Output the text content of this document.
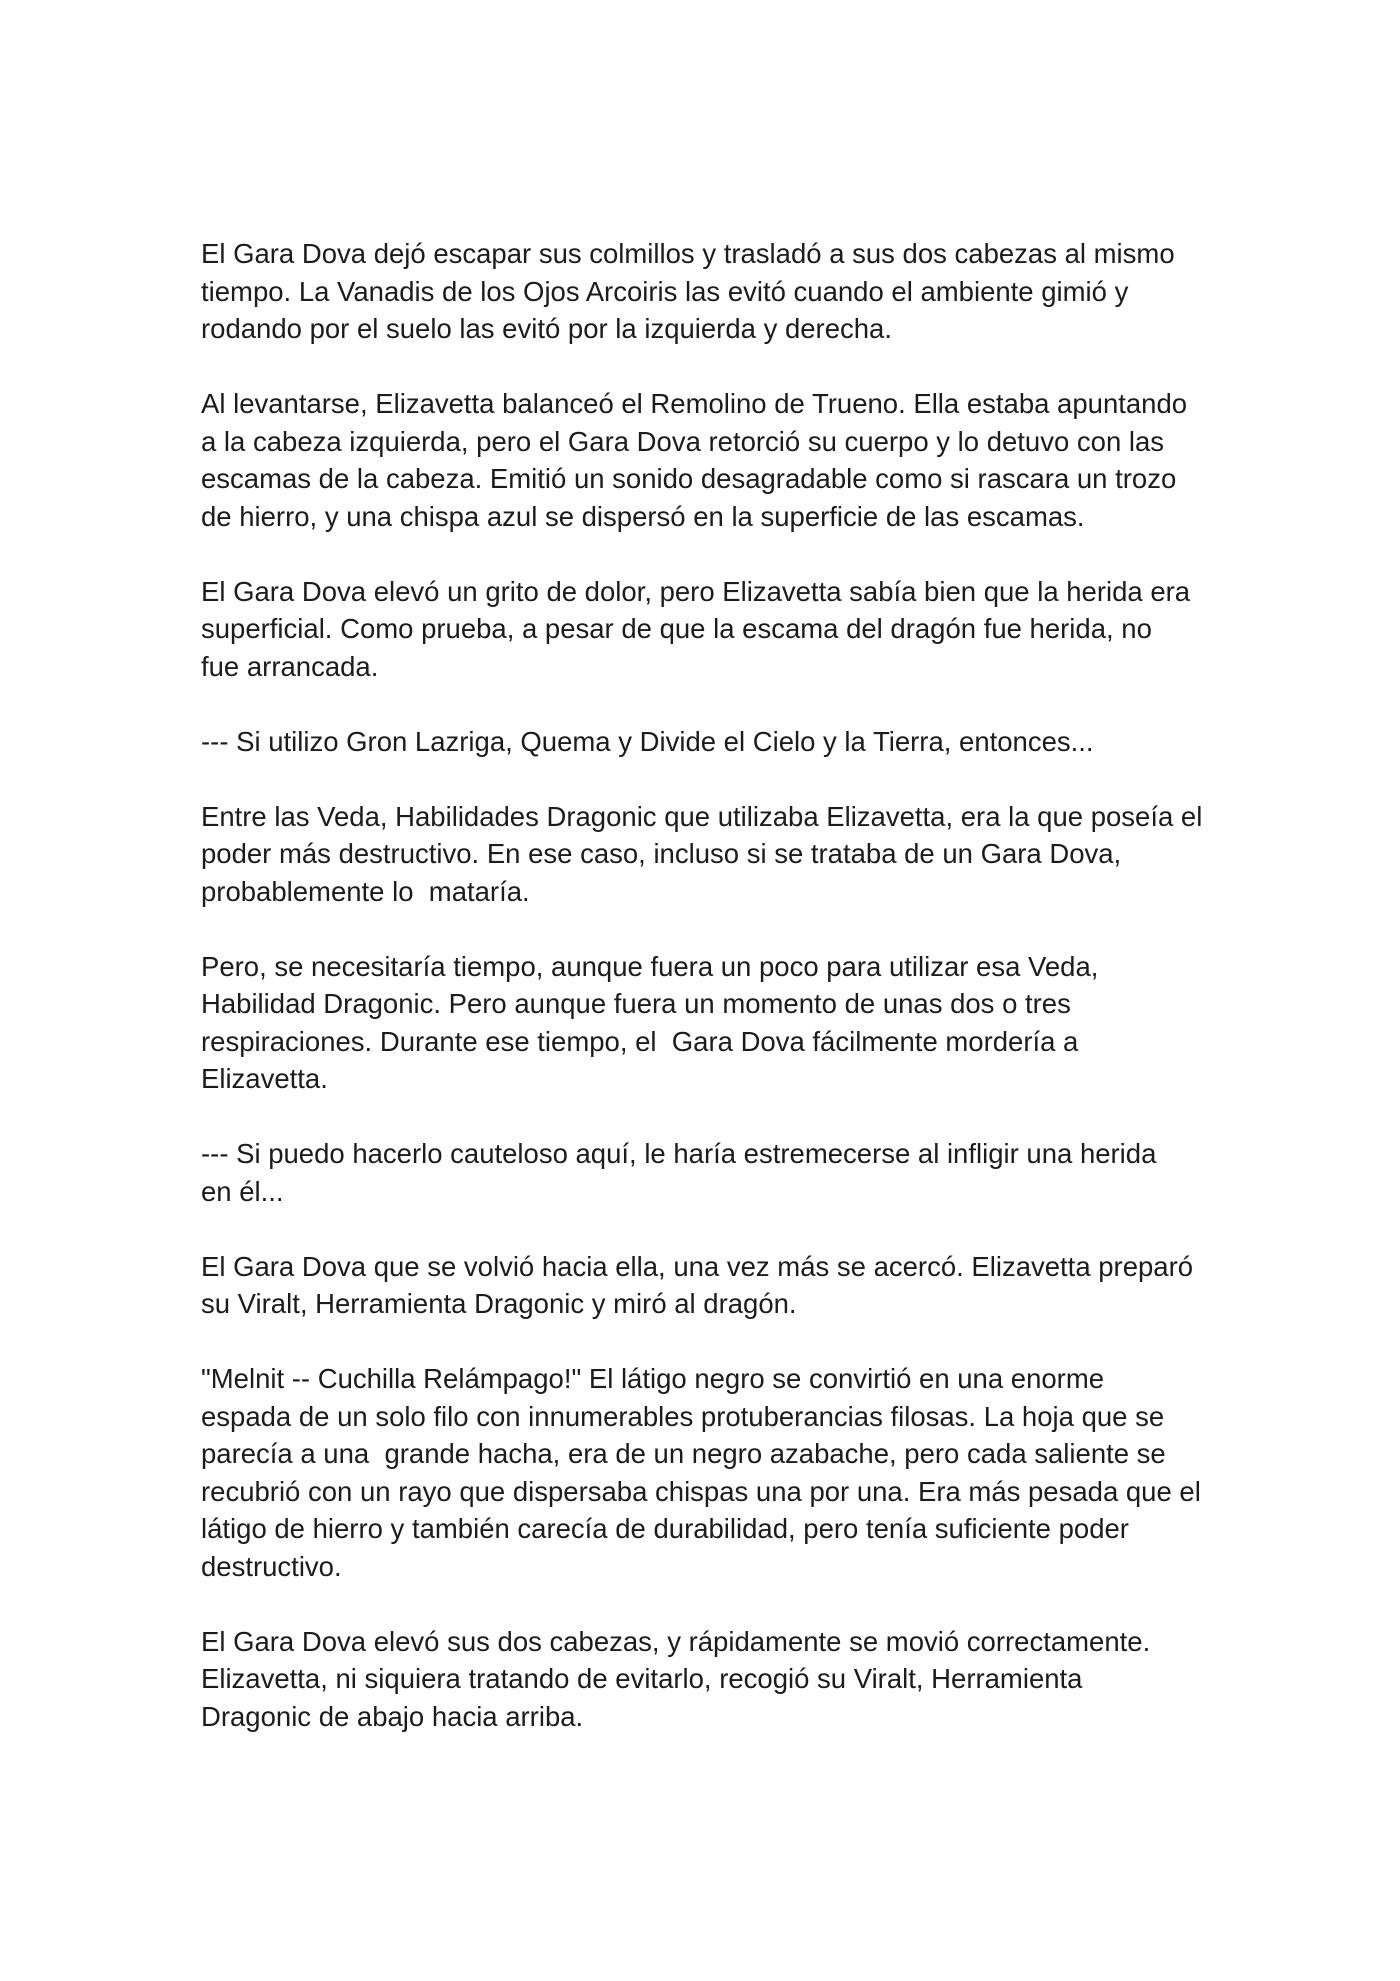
El Gara Dova dejó escapar sus colmillos y trasladó a sus dos cabezas al mismo
tiempo. La Vanadis de los Ojos Arcoiris las evitó cuando el ambiente gimió y
rodando por el suelo las evitó por la izquierda y derecha.

Al levantarse, Elizavetta balanceó el Remolino de Trueno. Ella estaba apuntando
a la cabeza izquierda, pero el Gara Dova retorció su cuerpo y lo detuvo con las
escamas de la cabeza. Emitió un sonido desagradable como si rascara un trozo
de hierro, y una chispa azul se dispersó en la superficie de las escamas.

El Gara Dova elevó un grito de dolor, pero Elizavetta sabía bien que la herida era
superficial. Como prueba, a pesar de que la escama del dragón fue herida, no
fue arrancada.

--- Si utilizo Gron Lazriga, Quema y Divide el Cielo y la Tierra, entonces...

Entre las Veda, Habilidades Dragonic que utilizaba Elizavetta, era la que poseía el
poder más destructivo. En ese caso, incluso si se trataba de un Gara Dova,
probablemente lo  mataría.

Pero, se necesitaría tiempo, aunque fuera un poco para utilizar esa Veda,
Habilidad Dragonic. Pero aunque fuera un momento de unas dos o tres
respiraciones. Durante ese tiempo, el  Gara Dova fácilmente mordería a
Elizavetta.

--- Si puedo hacerlo cauteloso aquí, le haría estremecerse al infligir una herida
en él...

El Gara Dova que se volvió hacia ella, una vez más se acercó. Elizavetta preparó
su Viralt, Herramienta Dragonic y miró al dragón.

"Melnit -- Cuchilla Relámpago!" El látigo negro se convirtió en una enorme
espada de un solo filo con innumerables protuberancias filosas. La hoja que se
parecía a una  grande hacha, era de un negro azabache, pero cada saliente se
recubrió con un rayo que dispersaba chispas una por una. Era más pesada que el
látigo de hierro y también carecía de durabilidad, pero tenía suficiente poder
destructivo.

El Gara Dova elevó sus dos cabezas, y rápidamente se movió correctamente.
Elizavetta, ni siquiera tratando de evitarlo, recogió su Viralt, Herramienta
Dragonic de abajo hacia arriba.
